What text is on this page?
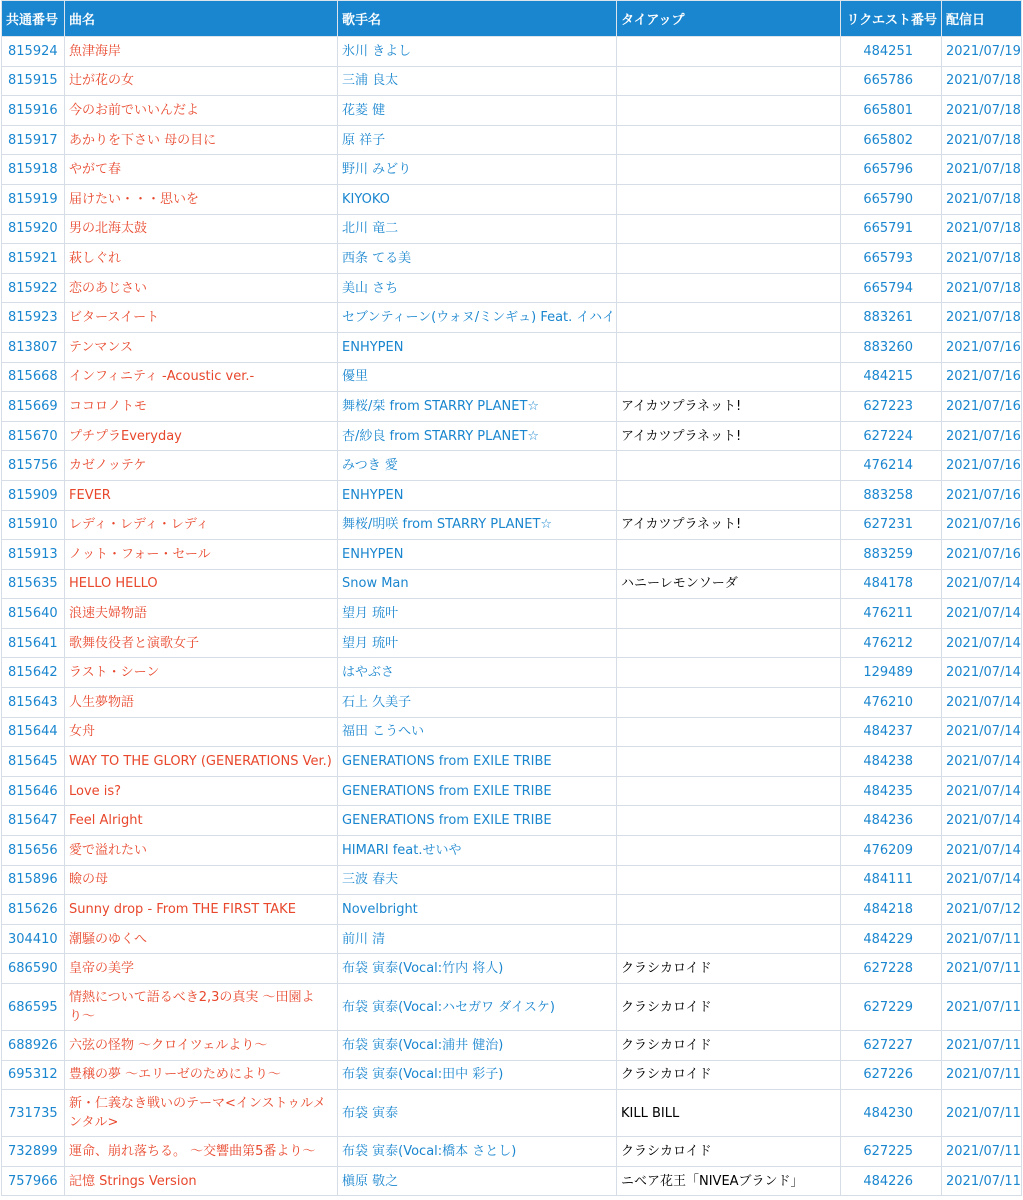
共通番号	曲名	歌手名	タイアップ	リクエスト番号	配信日
815924	魚津海岸	氷川 きよし		484251	2021/07/19
815915	辻が花の女	三浦 良太		665786	2021/07/18
815916	今のお前でいいんだよ	花菱 健		665801	2021/07/18
815917	あかりを下さい 母の目に	原 祥子		665802	2021/07/18
815918	やがて春	野川 みどり		665796	2021/07/18
815919	届けたい・・・思いを	KIYOKO		665790	2021/07/18
815920	男の北海太鼓	北川 竜二		665791	2021/07/18
815921	萩しぐれ	西条 てる美		665793	2021/07/18
815922	恋のあじさい	美山 さち		665794	2021/07/18
815923	ビタースイート	セブンティーン(ウォヌ/ミンギュ) Feat. イハイ		883261	2021/07/18
813807	テンマンス	ENHYPEN		883260	2021/07/16
815668	インフィニティ -Acoustic ver.-	優里		484215	2021/07/16
815669	ココロノトモ	舞桜/栞 from STARRY PLANET☆	アイカツプラネット!	627223	2021/07/16
815670	プチプラEveryday	杏/紗良 from STARRY PLANET☆	アイカツプラネット!	627224	2021/07/16
815756	カゼノッテケ	みつき 愛		476214	2021/07/16
815909	FEVER	ENHYPEN		883258	2021/07/16
815910	レディ・レディ・レディ	舞桜/明咲 from STARRY PLANET☆	アイカツプラネット!	627231	2021/07/16
815913	ノット・フォー・セール	ENHYPEN		883259	2021/07/16
815635	HELLO HELLO	Snow Man	ハニーレモンソーダ	484178	2021/07/14
815640	浪速夫婦物語	望月 琉叶		476211	2021/07/14
815641	歌舞伎役者と演歌女子	望月 琉叶		476212	2021/07/14
815642	ラスト・シーン	はやぶさ		129489	2021/07/14
815643	人生夢物語	石上 久美子		476210	2021/07/14
815644	女舟	福田 こうへい		484237	2021/07/14
815645	WAY TO THE GLORY (GENERATIONS Ver.)	GENERATIONS from EXILE TRIBE		484238	2021/07/14
815646	Love is?	GENERATIONS from EXILE TRIBE		484235	2021/07/14
815647	Feel Alright	GENERATIONS from EXILE TRIBE		484236	2021/07/14
815656	愛で溢れたい	HIMARI feat.せいや		476209	2021/07/14
815896	瞼の母	三波 春夫		484111	2021/07/14
815626	Sunny drop - From THE FIRST TAKE	Novelbright		484218	2021/07/12
304410	潮騒のゆくへ	前川 清		484229	2021/07/11
686590	皇帝の美学	布袋 寅泰(Vocal:竹内 将人)	クラシカロイド	627228	2021/07/11
686595	情熱について語るべき2,3の真実 〜田園より〜	布袋 寅泰(Vocal:ハセガワ ダイスケ)	クラシカロイド	627229	2021/07/11
688926	六弦の怪物 〜クロイツェルより〜	布袋 寅泰(Vocal:浦井 健治)	クラシカロイド	627227	2021/07/11
695312	豊穣の夢 〜エリーゼのためにより〜	布袋 寅泰(Vocal:田中 彩子)	クラシカロイド	627226	2021/07/11
731735	新・仁義なき戦いのテーマ<インストゥルメンタル>	布袋 寅泰	KILL BILL	484230	2021/07/11
732899	運命、崩れ落ちる。 〜交響曲第5番より〜	布袋 寅泰(Vocal:橋本 さとし)	クラシカロイド	627225	2021/07/11
757966	記憶 Strings Version	槇原 敬之	ニベア花王「NIVEAブランド」	484226	2021/07/11
